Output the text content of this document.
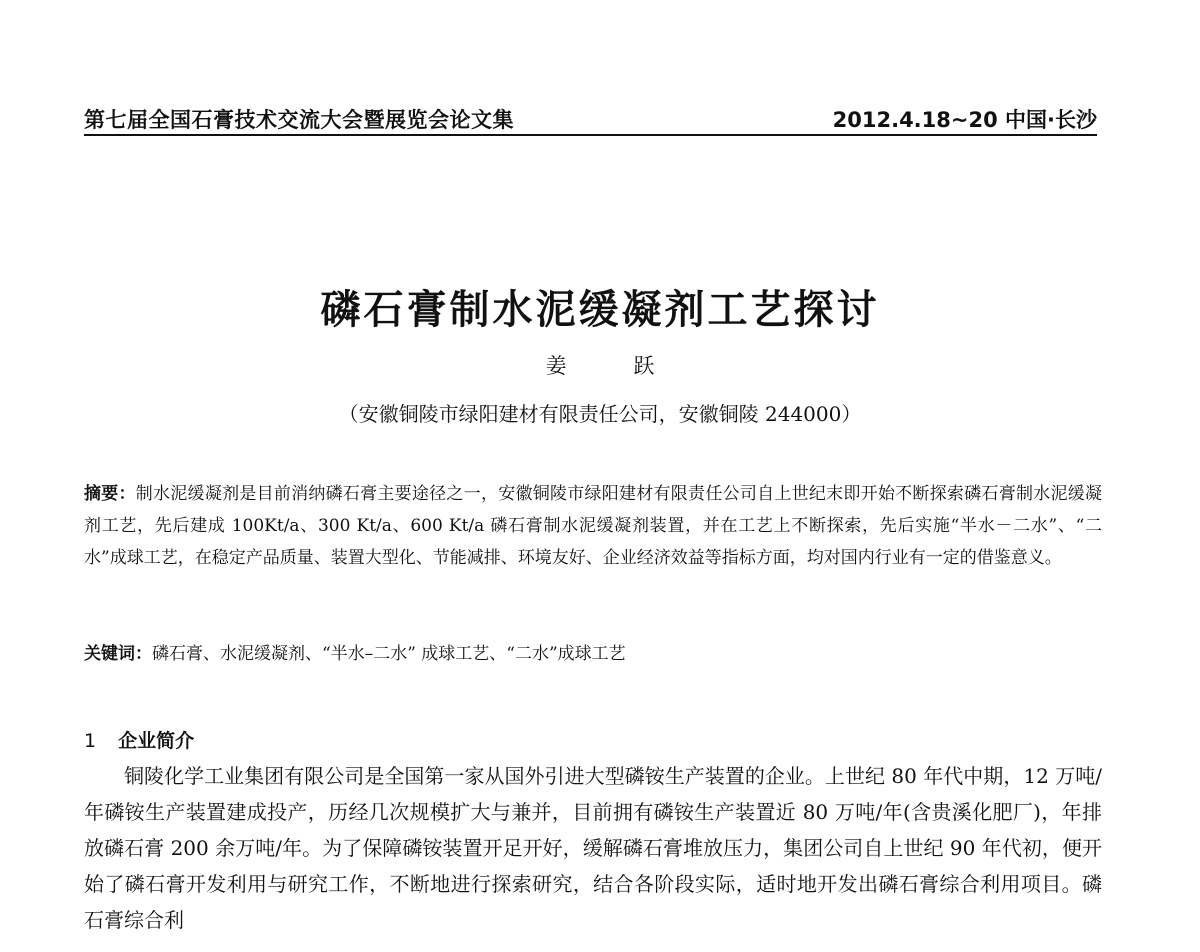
第七届全国石膏技术交流大会暨展览会论文集	2012.4.18~20 中国·长沙
磷石膏制水泥缓凝剂工艺探讨
姜 跃
（安徽铜陵市绿阳建材有限责任公司，安徽铜陵 244000）
摘要：制水泥缓凝剂是目前消纳磷石膏主要途径之一，安徽铜陵市绿阳建材有限责任公司自上世纪末即开始不断探索磷石膏制水泥缓凝剂工艺，先后建成 100Kt/a、300 Kt/a、600 Kt/a 磷石膏制水泥缓凝剂装置，并在工艺上不断探索，先后实施“半水－二水”、“二水”成球工艺，在稳定产品质量、装置大型化、节能减排、环境友好、企业经济效益等指标方面，均对国内行业有一定的借鉴意义。
关键词：磷石膏、水泥缓凝剂、“半水–二水” 成球工艺、“二水”成球工艺
1 企业简介
铜陵化学工业集团有限公司是全国第一家从国外引进大型磷铵生产装置的企业。上世纪 80 年代中期，12 万吨/年磷铵生产装置建成投产，历经几次规模扩大与兼并，目前拥有磷铵生产装置近 80 万吨/年(含贵溪化肥厂)，年排放磷石膏 200 余万吨/年。为了保障磷铵装置开足开好，缓解磷石膏堆放压力，集团公司自上世纪 90 年代初，便开始了磷石膏开发利用与研究工作，不断地进行探索研究，结合各阶段实际，适时地开发出磷石膏综合利用项目。磷石膏综合利
